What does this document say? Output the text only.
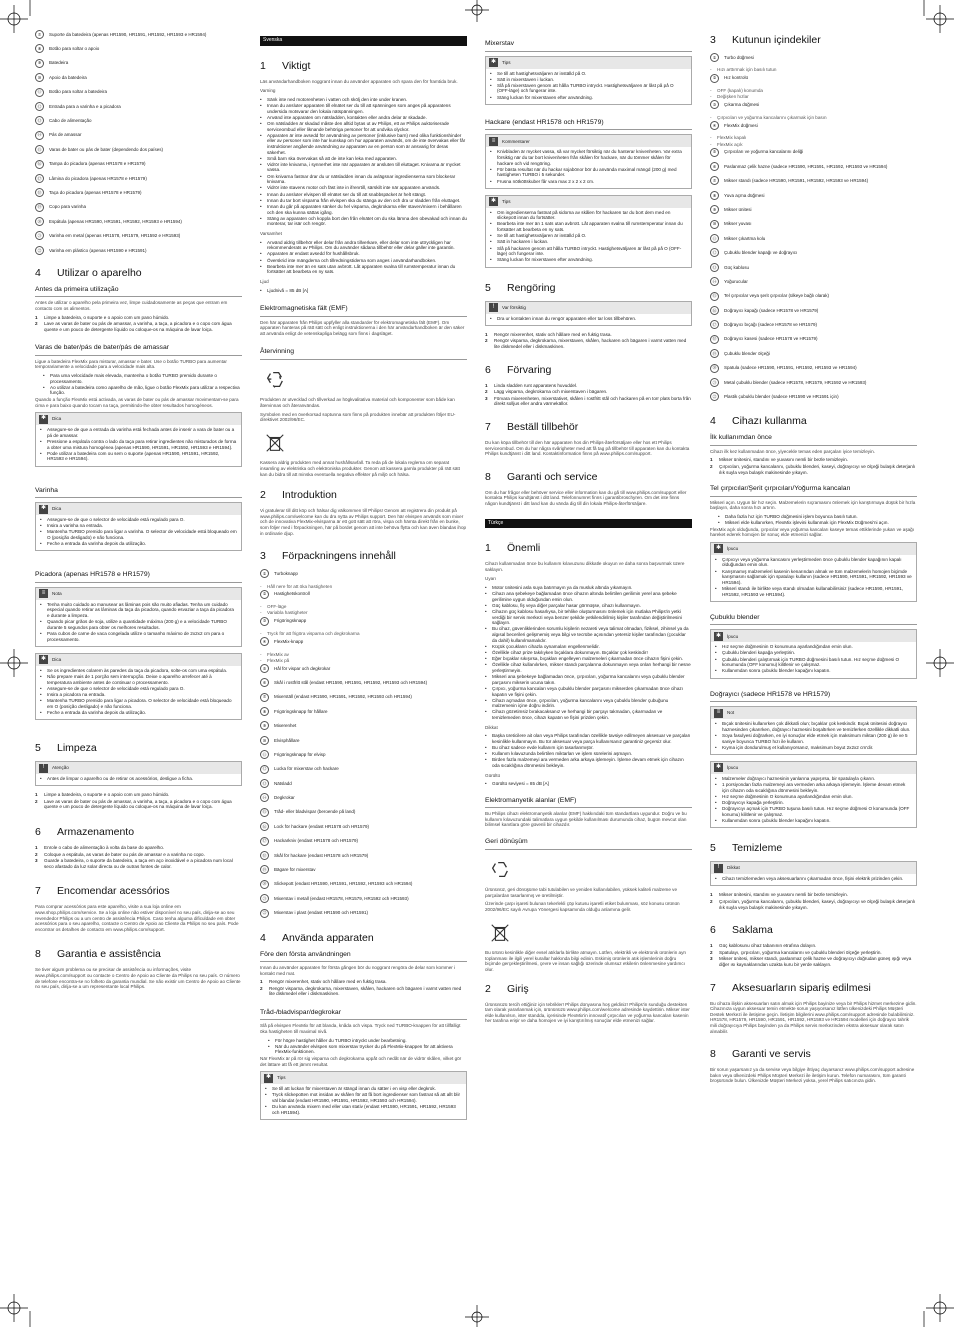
⑦	Suporte da batedeira (apenas HR1590, HR1591, HR1592, HR1593 e HR1594)
⑧	Botão para soltar o apoio
⑨	Batedeira
⑩	Apoio da batedeira
⑪	Botão para soltar a batedeira
⑫	Entrada para a varinha e a picadora
⑬	Cabo de alimentação
⑭	Pás de amassar
⑮	Varas de bater ou pás de bater (dependendo dos países)
⑯	Tampa do picadora (apenas HR1578 e HR1579)
⑰	Lâmina do picadora (apenas HR1578 e HR1579)
⑱	Taça do picadora (apenas HR1578 e HR1579)
⑲	Copo para varinha
⑳	Espátula (apenas HR1590, HR1591, HR1592, HR1593 e HR1594)
㉑	Varinha em metal (apenas HR1578, HR1579, HR1592 e HR1593)
㉒	Varinha em plástico (apenas HR1590 e HR1591)
4 Utilizar o aparelho
Antes da primeira utilização
Antes de utilizar o aparelho pela primeira vez, limpe cuidadosamente as peças que entram em contacto com os alimentos.
1	Limpe a batedeira, o suporte e o apoio com um pano húmido.
2	Lave as varas de bater ou pás de amassar, a varinha, a taça, a picadora e o copo com água quente e um pouco de detergente líquido ou coloque-os na máquina de lavar loiça.
Varas de bater/pás de bater/pás de amassar
Ligue a batedeira FlexMix para misturar, amassar e bater. Use o botão TURBO para aumentar temporariamente a velocidade para a velocidade mais alta.
•
Para uma velocidade mais elevada, mantenha o botão TURBO premido durante o processamento.
•
Ao utilizar a batedeira como aparelho de mão, ligue o botão FlexMix para utilizar a respectiva função.
Quando a função FlexMix está activada, as varas de bater ou pás de amassar movimentam-se para cima e para baixo quando tocam na taça, permitindo-lhe obter resultados homogéneos.
✱	Dica
•
Assegure-se de que a entrada da varinha está fechada antes de inserir a vara de bater ou a pá de amassar.
•
Pressione a espátula contra o lado da taça para retirar ingredientes não misturados de forma a obter uma mistura homogénea (apenas HR1590, HR1591, HR1592, HR1593 e HR1594).
•
Pode utilizar a batedeira com ou sem o suporte (apenas HR1590, HR1591, HR1592, HR1593 e HR1594).
Varinha
✱	Dica
•
Assegure-se de que o selector de velocidade está regulado para O.
•
Insira a varinha na entrada.
•
Mantenha TURBO premido para ligar a varinha. O selector de velocidade está bloqueado em O (posição desligado) e não funciona.
•
Feche a entrada da varinha depois da utilização.
Picadora (apenas HR1578 e HR1579)
≡	Nota
•
Tenha muito cuidado ao manusear as lâminas pois são muito afiadas. Tenha um cuidado especial quando retirar as lâminas da taça da picadora, quando esvaziar a taça da picadora e durante a limpeza.
•
Quando picar grãos de soja, utilize a quantidade máxima (200 g) e a velocidade TURBO durante 5 segundos para obter os melhores resultados.
•
Para cubos de carne de vaca congelada utilize o tamanho máximo de 2x2x2 cm para o processamento.
✱	Dica
•
Se os ingredientes colarem às paredes da taça da picadora, solte-os com uma espátula.
•
Não prepare mais de 1 porção sem interrupção. Deixe o aparelho arrefecer até à temperatura ambiente antes de continuar o processamento.
•
Assegure-se de que o selector de velocidade está regulado para O.
•
Insira a picadora na entrada.
•
Mantenha TURBO premido para ligar a picadora. O selector de velocidade está bloqueado em O (posição desligado) e não funciona.
•
Feche a entrada da varinha depois da utilização.
5 Limpeza
!	Atenção
•
Antes de limpar o aparelho ou de retirar os acessórios, desligue a ficha.
1	Limpe a batedeira, o suporte e o apoio com um pano húmido.
2	Lave as varas de bater ou pás de amassar, a varinha, a taça, a picadora e o copo com água quente e um pouco de detergente líquido ou coloque-os na máquina de lavar loiça.
6 Armazenamento
1	Enrole o cabo de alimentação à volta da base do aparelho.
2	Coloque a espátula, as varas de bater ou pás de amassar e a varinha no copo.
3	Guarde a batedeira, o suporte da batedeira, a taça em aço inoxidável e a picadora num local seco afastado da luz solar directa ou de outras fontes de calor.
7 Encomendar acessórios
Para comprar acessórios para este aparelho, visite a sua loja online em www.shop.philips.com/service. Se a loja online não estiver disponível no seu país, dirija-se ao seu revendedor Philips ou a um centro de assistência Philips. Caso tenha alguma dificuldade em obter acessórios para o seu aparelho, contacte o Centro de Apoio ao Cliente da Philips no seu país. Pode encontrar os detalhes de contacto em www.philips.com/support.
8 Garantia e assistência
Se tiver algum problema ou se precisar de assistência ou informações, visite www.philips.com/support ou contacte o Centro de Apoio ao Cliente da Philips no seu país. O número de telefone encontra-se no folheto da garantia mundial. Se não existir um Centro de Apoio ao Cliente no seu país, dirija-se a um representante local Philips.
Svenska
1 Viktigt
Läs användarhandboken noggrant innan du använder apparaten och spara den för framtida bruk.
Varning
•
Sänk inte ned motorenheten i vatten och skölj den inte under kranen.
•
Innan du ansluter apparaten till elnätet ser du till att spänningen som anges på apparatens undersida motsvarar den lokala nätspänningen.
•
Använd inte apparaten om nätsladden, kontakten eller andra delar är skadade.
•
Om nätsladden är skadad måste den alltid bytas ut av Philips, ett av Philips auktoriserade serviceombud eller liknande behöriga personer för att undvika olyckor.
•
Apparaten är inte avsedd för användning av personer (inklusive barn) med olika funktionshinder eller av personer som inte har kunskap om hur apparaten används, om de inte övervakas eller får instruktioner angående användning av apparaten av en person som är ansvarig för deras säkerhet.
•
Små barn ska övervakas så att de inte kan leka med apparaten.
•
Vidrör inte knivarna, i synnerhet inte när apparaten är ansluten till eluttaget. Knivarna är mycket vassa.
•
Om knivarna fastnar drar du ur nätsladden innan du avlägsnar ingredienserna som blockerar knivarna.
•
Vidrör inte stavens motor och fäst inte in ifrenrtill, särskilt inte när apparaten används.
•
Innan du ansluter elvispen till elnätet ser du till att snabbspäcket är helt stängt.
•
Innan du tar bort visparna från elvispen ska du stänga av den och dra ur sladden från eluttaget.
•
Innan du går på apparaten sänker du hel visparna, degkrokarna eller staven/mixern i behållaren och den ska kunna sättas igång.
•
Stäng av apparaten och koppla bort den från elnätet om du ska lämna den obevakad och innan du monterar, tar isär och rengör.
Varsamhet
•
Använd aldrig tillbehör eller delar från andra tillverkare, eller delar som inte uttryckligen har rekommenderats av Philips. Om du använder sådana tillbehör eller delar gäller inte garantin.
•
Apparaten är endast avsedd för hushållsbruk.
•
Överskrid inte mängderna och tillredningstiderna som anges i användarhandboken.
•
Bearbeta inte mer än en sats utan avbrott. Låt apparaten svalna till rumstemperatur innan du fortsätter att bearbeta en ny sats.
Ljud
•
Ljudnivå = 85 dB [A]
Elektromagnetiska fält (EMF)
Den här apparaten från Philips uppfyller alla standarder för elektromagnetiska fält (EMF). Om apparaten hanteras på rätt sätt och enligt instruktionerna i den här användarhandboken är den säker att använda enligt de vetenskapliga belägg som finns i dagsläget.
Återvinning
Produkten är utvecklad och tillverkad av högkvalitativa material och komponenter som både kan återvinnas och återanvändas.
Symbolen med en överkorsad soptunna som finns på produkten innebär att produkten följer EU-direktivet 2002/96/EC.
Kassera aldrig produkten med annat hushållsavfall. Ta reda på de lokala reglerna om separat insamling av elektriska och elektroniska produkter. Genom att kassera gamla produkter på rätt sätt kan du bidra till att minska eventuella negativa effekter på miljö och hälsa.
2 Introduktion
Vi gratulerar till ditt köp och hälsar dig välkommen till Philips! Genom att registrera din produkt på www.philips.com/welcome kan du dra nytta av Philips support. Den här elvispen används som mixer och de innovativa FlexMix-elvisparna är ett gott sätt att röra, vispa och hämta direkt från en bunke, som följer med i förpackningen, här på bordet genom att inte behöva flytta och kan även blandas ihop in ordinarie djup.
3 Förpackningens innehåll
①	Turboknapp
-	Håll nere för att öka hastigheten
②	Hastighetskontroll
-	OFF-läge
-	Variabla hastigheter
③	Frigöringsknapp
-	Tryck för att frigöra visparna och degkrokarna
④	FlexMix-knapp
-	FlexMix av
-	FlexMix på
⑤	Hål för vispar och degkrokar
⑥	Skål i rostfritt stål (endast HR1590, HR1591, HR1592, HR1593 och HR1594)
⑦	Mixerställ (endast HR1590, HR1591, HR1592, HR1593 och HR1594)
⑧	Frigöringsknapp för hållare
⑨	Mixerenhet
⑩	Elvisphållare
⑪	Frigöringsknapp för elvisp
⑫	Lucka för mixerstav och hackare
⑬	Nätsladd
⑭	Degkrokar
⑮	Tråd- eller bladvispar (beroende på land)
⑯	Lock för hackare (endast HR1578 och HR1579)
⑰	Hackarkniv (endast HR1578 och HR1579)
⑱	Skål för hackare (endast HR1578 och HR1579)
⑲	Bägare för mixerstav
⑳	Slickepott (endast HR1590, HR1591, HR1592, HR1593 och HR1594)
㉑	Mixerstav i metall (endast HR1578, HR1579, HR1592 och HR1593)
㉒	Mixerstav i plast (endast HR1590 och HR1591)
4 Använda apparaten
Före den första användningen
Innan du använder apparaten för första gången bör du noggrant rengöra de delar som kommer i kontakt med mat.
1	Rengör mixerenhet, stativ och hållare med en fuktig trasa.
2	Rengör visparna, degkrokarna, mixerstaven, skålen, hackaren och bägaren i varmt vatten med lite diskmedel eller i diskmaskinen.
Tråd-/bladvispar/degkrokar
Slå på elvispen FlexMix för att blanda, knåda och vispa. Tryck ned TURBO-knappen för att tillfälligt öka hastigheten till maximal nivå.
•
För högre hastighet håller du TURBO intryckt under bearbetning.
•
När du använder elvispen som mixerstav trycker du på FlexMix-knappen för att aktivera FlexMix-funktionen.
När FlexMix är på rör sig visparna och degkrokarna uppåt och nedåt när de vidrör skålen, vilket gör det lättare att få ett jämnt resultat.
✱	Tips
•
Se till att luckan för mixerstaven är stängd innan du sätter i en visp eller degkrok.
•
Tryck slickepotten mot insidan av skålen för att få bort ingredienser som fastnat så att allt blir väl blandat (endast HR1590, HR1591, HR1592, HR1593 och HR1594).
•
Du kan använda mixern med eller utan stativ (endast HR1590, HR1591, HR1592, HR1593 och HR1594).
Mixerstav
✱	Tips
•
Se till att hastighetsväljaren är inställd på O.
•
Sätt in mixerstaven i luckan.
•
Slå på mixerstaven genom att hålla TURBO intryckt. Hastighetsväljaren är låst på på O (OFF-läge) och fungerar inte.
•
Stäng luckan för mixerstaven efter användning.
Hackare (endast HR1578 och HR1579)
≡	Kommentarer
•
Knivbladen är mycket vassa, så var mycket försiktig när du hanterar knivenheten. Var extra försiktig när du tar bort knivenheten från skålen för hackare, när du tömmer skålen för hackare och vid rengöring.
•
För bästa resultat när du hackar sojabönor bör du använda maximal mängd (200 g) med hastigheten TURBO i 5 sekunder.
•
Frusna nötköttskuber får vara max 2 x 2 x 2 cm.
✱	Tips
•
Om ingredienserna fastnat på sidorna av skålen för hackaren tar du bort dem med en slickepott innan du fortsätter.
•
Bearbeta inte mer än 1 sats utan avbrott. Låt apparaten svalna till rumstemperatur innan du fortsätter att bearbeta en ny sats.
•
Se till att hastighetsväljaren är inställd på O.
•
Sätt in hackaren i luckan.
•
Slå på hackaren genom att hålla TURBO intryckt. Hastighetsväljaren är låst på på O (OFF-läge) och fungerar inte.
•
Stäng luckan för mixerstaven efter användning.
5 Rengöring
!	Var försiktig
•
Dra ur kontakten innan du rengör apparaten eller tar loss tillbehören.
1	Rengör mixerenhet, stativ och hållare med en fuktig trasa.
2	Rengör visparna, degkrokarna, mixerstaven, skålen, hackaren och bägaren i varmt vatten med lite diskmedel eller i diskmaskinen.
6 Förvaring
1	Linda sladden runt apparatens huvuddel.
2	Lägg visparna, degkrokarna och mixerstaven i bägaren.
3	Förvara mixerenheten, mixerstativet, skålen i rostfritt stål och hackaren på en torr plats borta från direkt solljus eller andra värmekällor.
7 Beställ tillbehör
Du kan köpa tillbehör till den här apparaten hos din Philips-återförsäljare eller hos ett Philips serviceombud. Om du har några svårigheter med att få tag på tillbehör till apparaten kan du kontakta Philips kundtjänst i ditt land. Kontaktinformation finns på www.philips.com/support.
8 Garanti och service
Om du har frågor eller behöver service eller information kan du gå till www.philips.com/support eller kontakta Philips kundtjänst i ditt land. Telefonnumret finns i garantibroschyren. Om det inte finns någon kundtjänst i ditt land kan du vända dig till din lokala Philips-återförsäljare.
Türkçe
1 Önemli
Cihazı kullanmadan önce bu kullanım kılavuzunu dikkatle okuyun ve daha sonra başvurmak üzere saklayın.
Uyarı
•
Motor ünitesini asla suya batırmayın ya da musluk altında yıkamayın.
•
Cihazı ana şebekeye bağlamadan önce cihazın altında belirtilen gerilimin yerel ana şebeke gerilimine uygun olduğundan emin olun.
•
Güç kablosu, fiş veya diğer parçalar hasar görmüşse, cihazı kullanmayın.
•
Cihazın güç kablosu hasarlıysa, bir tehlike oluşturmasını önlemek için mutlaka Philips'in yetki verdiği bir servis merkezi veya benzer şekilde yetkilendirilmiş kişiler tarafından değiştirilmesini sağlayın.
•
Bu cihaz, güvenliklerinden sorumlu kişilerin nezareti veya talimat olmadan, fiziksel, zihinsel ya da algısal becerileri gelişmemiş veya bilgi ve tecrübe açısından yetersiz kişiler tarafından (çocuklar da dahil) kullanılmamalıdır.
•
Küçük çocukların cihazla oynamaları engellenmelidir.
•
Özellikle cihaz prize takılıyken bıçaklara dokunmayın. Bıçaklar çok keskindir!
•
Eğer bıçaklar sıkışırsa, bıçakları engelleyen malzemeleri çıkarmadan önce cihazın fişini çekin.
•
Özellikle cihaz kullanılırken, mikser standı parçalarına dokunmayın veya onları herhangi bir nesne yerleştirmeyin.
•
Mikseri ana şebekeye bağlamadan önce, çırpıcıları, yoğurma kancalarını veya çubuklu blender parçasını mikserin ucuna takın.
•
Çırpıcı, yoğurma kancaları veya çubuklu blender parçasını mikserden çıkarmadan önce cihazı kapatın ve fişini çekin.
•
Cihazı açmadan önce, çırpıcıları, yoğurma kancalarını veya çubuklu blender çubuğunu malzemenin içine doğru indirin.
•
Cihazı gözetimsiz bırakacaksanız ve herhangi bir parçayı takmadan, çıkarmadan ve temizlemeden önce, cihazı kapatın ve fişini prizden çekin.
Dikkat
•
Başka üreticilere ait olan veya Philips tarafından özellikle tavsiye edilmeyen aksesuar ve parçaları kesinlikle kullanmayın. Bu tür aksesuar veya parça kullanırsanız garantiniz geçersiz olur.
•
Bu cihaz sadece evde kullanım için tasarlanmıştır.
•
Kullanım kılavuzunda belirtilen miktarları ve işlem sürelerini aşmayın.
•
Birden fazla malzemeyi ara vermeden arka arkaya işlemeyin. İşleme devam etmek için cihazın oda sıcaklığına dönmesini bekleyin.
Gürültü
•
Gürültü seviyesi = 85 dB [A]
Elektromanyetik alanlar (EMF)
Bu Philips cihazı elektromanyetik alanlar (EMF) hakkındaki tüm standartlara uygundur. Doğru ve bu kullanım kılavuzundaki talimatlara uygun şekilde kullanılması durumunda cihaz, bugün mevcut olan bilimsel kanıtlara göre güvenli bir cihazdır.
Geri dönüşüm
Ürününüz, geri dönüşüme tabi tutulabilen ve yeniden kullanılabilen, yüksek kaliteli malzeme ve parçalardan tasarlanmış ve üretilmiştir.
Üzerinde çarpı işareti bulunan tekerlekli çöp kutusu işaretli etiket bulunması, söz konusu ürünün 2002/96/EC sayılı Avrupa Yönergesi kapsamında olduğu anlamına gelir.
Bu ürünü kesinlikle diğer evsel atıklarla birlikte atmayın. Lütfen, elektrikli ve elektronik ürünlerin ayrı toplanması ile ilgili yerel kurallar hakkında bilgi edinin. Eskimiş ürünlerin atık işlemlerinin doğru biçimde gerçekleştirilmesi, çevre ve insan sağlığı üzerinde olumsuz etkilerin önlenmesine yardımcı olur.
2 Giriş
Ürününüzü tercih ettiğiniz için tebrikler! Philips dünyasına hoş geldiniz! Philips'in sunduğu destekten tam olarak yararlanmak için, ürününüzü www.philips.com/welcome adresinde kaydettirin. Mikser ister elde kullanılsın, ister standda, içerisinde FlexMix'in innovatif çırpıcıları ve yoğurma kancaları kasenin her tarafına erişir ve daha homojen ve iyi karıştırılmış sonuçlar elde etmenizi sağlar.
3 Kutunun içindekiler
①	Turbo düğmesi
-	Hızı arttırmak için basılı tutun
②	Hız kontrolü
-	OFF (kapalı) konumda
-	Değişken hızlar
③	Çıkarma düğmesi
-	Çırpıcıları ve yoğurma kancalarını çıkarmak için basın
④	FlexMix düğmesi
-	FlexMix kapalı
-	FlexMix açık
⑤	Çırpıcıları ve yoğurma kancalarını deliği
⑥	Paslanmaz çelik hazne (sadece HR1590, HR1591, HR1592, HR1593 ve HR1594)
⑦	Mikser standı (sadece HR1590, HR1591, HR1592, HR1593 ve HR1594)
⑧	Yuva açma düğmesi
⑨	Mikser ünitesi
⑩	Mikser yuvası
⑪	Mikser çıkartma kolu
⑫	Çubuklu blender kapağı ve doğrayıcı
⑬	Güç kablosu
⑭	Yoğurucular
⑮	Tel çırpıcılar veya şerit çırpıcılar (ülkeye bağlı olarak)
⑯	Doğrayıcı kapağı (sadece HR1578 ve HR1579)
⑰	Doğrayıcı bıçağı (sadece HR1578 ve HR1579)
⑱	Doğrayıcı kasesi (sadece HR1578 ve HR1579)
⑲	Çubuklu blender ölçeği
⑳	Spatula (sadece HR1590, HR1591, HR1592, HR1593 ve HR1594)
㉑	Metal çubuklu blender (sadece HR1578, HR1579, HR1592 ve HR1593)
㉒	Plastik çubuklu blender (sadece HR1590 ve HR1591 için)
4 Cihazı kullanma
İlk kullanımdan önce
Cihazı ilk kez kullanmadan önce, yiyecekle temas eden parçaları iyice temizleyin.
1	Mikser ünitesini, standını ve yuvasını nemli bir bezle temizleyin.
2	Çırpıcıları, yoğurma kancalarını, çubuklu blenderi, kaseyi, doğrayıcıyı ve ölçeği bulaşık deterjanlı ılık suyla veya bulaşık makinesinde yıkayın.
Tel çırpıcılar/Şerit çırpıcıları/Yoğurma kancaları
Mikseri açın. Uygun bir hız seçin. Malzemelerin sıçramasını önlemek için karıştırmaya düşük bir hızla başlayın, daha sonra hızı artırın.
•
Daha fazla hız için TURBO düğmesini işlem boyunca basılı tutun.
•
Mikseri elde kullanırken, FlexMix işlevini kullanmak için FlexMix Düğmesi'ni açın.
FlexMix açık olduğunda, çırpıcılar veya yoğurma kancaları kaseye temas ettiklerinde yukarı ve aşağı hareket ederek homojen bir sonuç elde etmenizi sağlar.
✱	İpucu
•
Çırpıcıyı veya yoğurma kancasını yerleştirmeden önce çubuklu blender kapağının kapalı olduğundan emin olun.
•
Karışmamış malzemeleri kasenin kenarından almak ve tüm malzemelerin homojen biçimde karışmasını sağlamak için spatulayı kullanın (sadece HR1590, HR1591, HR1592, HR1593 ve HR1594).
•
Mikseri standı ile birlikte veya standı olmadan kullanabilirsiniz (sadece HR1590, HR1591, HR1592, HR1593 ve HR1594).
Çubuklu blender
✱	İpucu
•
Hız seçme düğmesinin O konumuna ayarlandığından emin olun.
•
Çubuklu blenderi kapağa yerleştirin.
•
Çubuklu blenderi çalıştırmak için TURBO düğmesini basılı tutun. Hız seçme düğmesi O konumunda (OFF konumu) kilitlenir ve çalışmaz.
•
Kullanımdan sonra çubuklu blender kapağını kapatın.
Doğrayıcı (sadece HR1578 ve HR1579)
≡	Not
•
Bıçak ünitesini kullanırken çok dikkatli olun; bıçaklar çok keskindir. Bıçak ünitesini doğrayıcı haznesinden çıkarırken, doğrayıcı haznesini boşaltırken ve temizlerken özellikle dikkatli olun.
•
Soya fasulyesi doğrarken, en iyi sonuçlar elde etmek için maksimum miktarı (200 g) ile ve 5 saniye boyunca TURBO hızı ile kullanın.
•
Kıyma için dondurulmuş et kullanıyorsanız, maksimum boyut 2x2x2 cm'dir.
✱	İpucu
•
Malzemeler doğrayıcı haznesinin yanlarına yapışırsa, bir spatulayla çıkarın.
•
1 porsiyondan fazla malzemeyi ara vermeden arka arkaya işlemeyin. İşleme devam etmek için cihazın oda sıcaklığına dönmesini bekleyin.
•
Hız seçme düğmesinin O konumuna ayarlandığından emin olun.
•
Doğrayıcıyı kapağa yerleştirin.
•
Doğrayıcıyı açmak için TURBO tuşuna basılı tutun. Hız seçme düğmesi O konumunda (OFF konumu) kilitlenir ve çalışmaz.
•
Kullanımdan sonra çubuklu blender kapağını kapatın.
5 Temizleme
!	Dikkat
•
Cihazı temizlemeden veya aksesuarlarını çıkarmadan önce, fişini elektrik prizinden çekin.
1	Mikser ünitesini, standını ve yuvasını nemli bir bezle temizleyin.
2	Çırpıcıları, yoğurma kancalarını, çubuklu blenderi, kaseyi, doğrayıcıyı ve ölçeği bulaşık deterjanlı ılık suyla veya bulaşık makinesinde yıkayın.
6 Saklama
1	Güç kablosunu cihaz tabanının etrafına dolayın.
2	Spatulayı, çırpıcıları, yoğurma kancalarını ve çubuklu blenderi ölçeğe yerleştirin.
3	Mikser ünitesi, mikser standı, paslanmaz çelik hazne ve doğrayıcıyı doğrudan güneş ışığı veya diğer ısı kaynaklarından uzakta kuru bir yerde saklayın.
7 Aksesuarların sipariş edilmesi
Bu cihaza ilişkin aksesuarları satın almak için Philips bayinize veya bir Philips hizmet merkezine gidin. Cihazınıza uygun aksesuar temin etmekte sorun yaşıyorsanız lütfen ülkenizdeki Philips Müşteri Destek Merkezi ile iletişime geçin. İletişim bilgilerini www.philips.com/support adresinde bulabilirsiniz. HR1578, HR1579, HR1590, HR1591, HR1592, HR1593 ve HR1594 modelleri için doğrayıcı tahrik mili doğrayıcıya Philips bayinden ya da Philips servis merkezinden ekstra aksesuar olarak satın alınabilir.
8 Garanti ve servis
Bir sorun yaşarsanız ya da servise veya bilgiye ihtiyaç duyarsanız www.philips.com/support adresine bakın veya ülkenizdeki Philips Müşteri Merkezi ile iletişim kurun. Telefon numarasını, tüm garanti broşüründe bulun. Ülkenizde Müşteri Merkezi yoksa, yerel Philips satıcınıza gidin.
